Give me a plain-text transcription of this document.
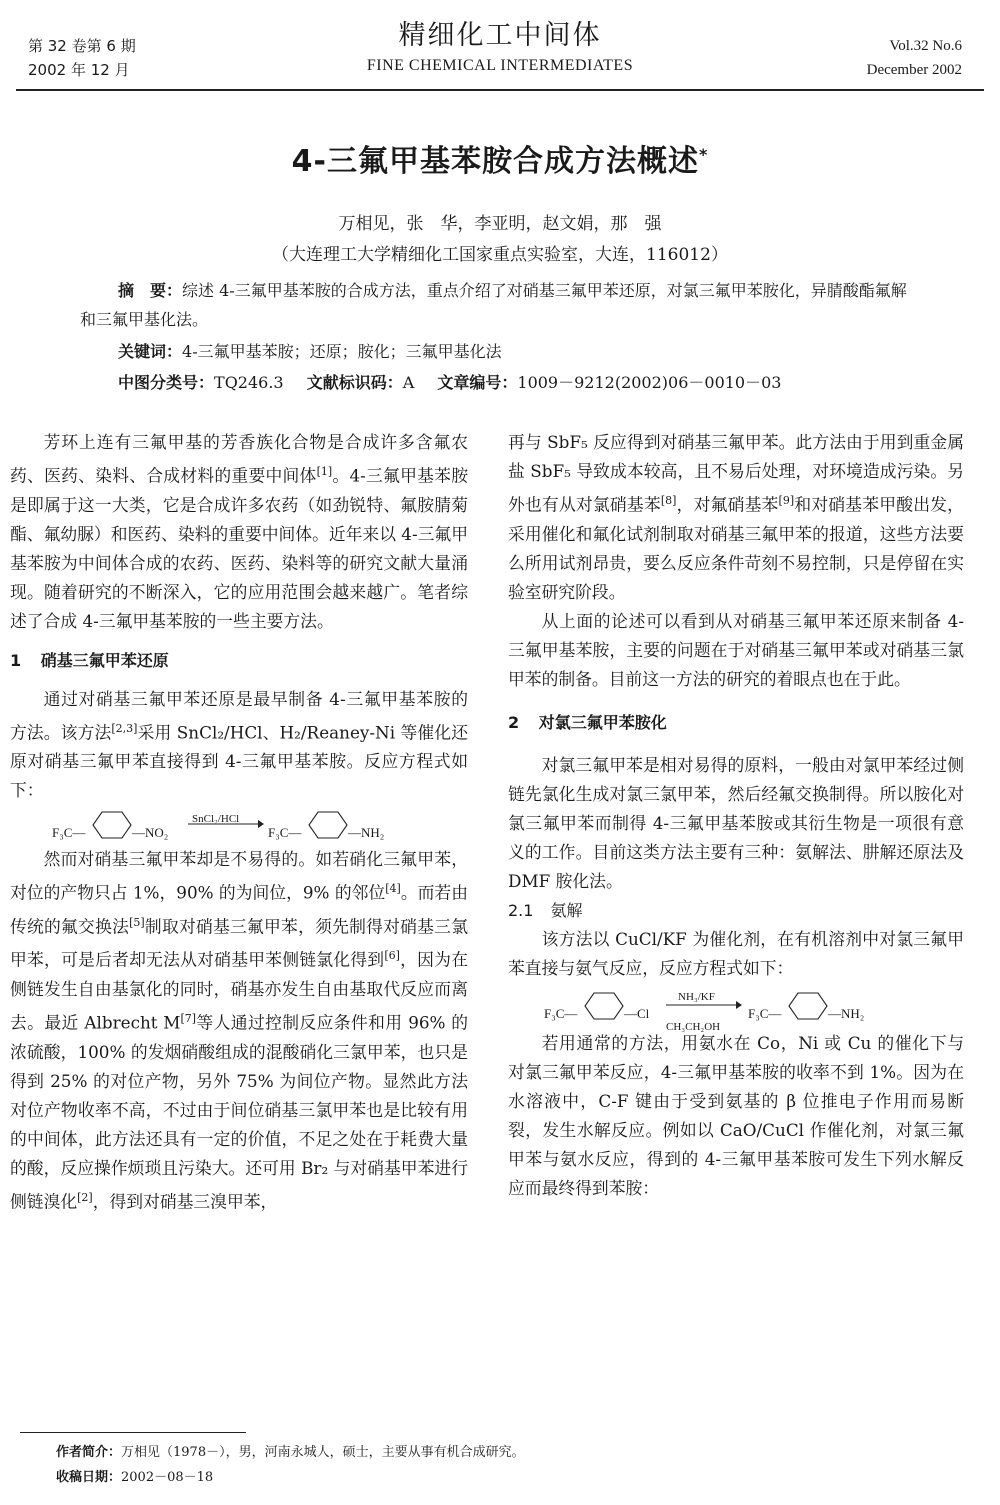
第 32 卷第 6 期
2002 年 12 月
精细化工中间体
FINE CHEMICAL INTERMEDIATES
Vol.32 No.6
December 2002
4-三氟甲基苯胺合成方法概述*
万相见，张　华，李亚明，赵文娟，那　强
（大连理工大学精细化工国家重点实验室，大连，116012）

摘　要：综述 4-三氟甲基苯胺的合成方法，重点介绍了对硝基三氟甲苯还原，对氯三氟甲苯胺化，异腈酸酯氟解和三氟甲基化法。

关键词：4-三氟甲基苯胺；还原；胺化；三氟甲基化法
中图分类号：TQ246.3 文献标识码：A 文章编号：1009－9212(2002)06－0010－03

芳环上连有三氟甲基的芳香族化合物是合成许多含氟农药、医药、染料、合成材料的重要中间体[1]。4-三氟甲基苯胺是即属于这一大类，它是合成许多农药（如劲锐特、氟胺腈菊酯、氟幼脲）和医药、染料的重要中间体。近年来以 4-三氟甲基苯胺为中间体合成的农药、医药、染料等的研究文献大量涌现。随着研究的不断深入，它的应用范围会越来越广。笔者综述了合成 4-三氟甲基苯胺的一些主要方法。

1 硝基三氟甲苯还原

通过对硝基三氟甲苯还原是最早制备 4-三氟甲基苯胺的方法。该方法[2,3]采用 SnCl₂/HCl、H₂/Reaney-Ni 等催化还原对硝基三氟甲苯直接得到 4-三氟甲基苯胺。反应方程式如下：

F₃C—	—NO₂
SnCl₂/HCl
F₃C—	—NH₂

然而对硝基三氟甲苯却是不易得的。如若硝化三氟甲苯，对位的产物只占 1%，90% 的为间位，9% 的邻位[4]。而若由传统的氟交换法[5]制取对硝基三氟甲苯，须先制得对硝基三氯甲苯，可是后者却无法从对硝基甲苯侧链氯化得到[6]，因为在侧链发生自由基氯化的同时，硝基亦发生自由基取代反应而离去。最近 Albrecht M[7]等人通过控制反应条件和用 96% 的浓硫酸，100% 的发烟硝酸组成的混酸硝化三氯甲苯，也只是得到 25% 的对位产物，另外 75% 为间位产物。显然此方法对位产物收率不高，不过由于间位硝基三氯甲苯也是比较有用的中间体，此方法还具有一定的价值，不足之处在于耗费大量的酸，反应操作烦琐且污染大。还可用 Br₂ 与对硝基甲苯进行侧链溴化[2]，得到对硝基三溴甲苯，

再与 SbF₅ 反应得到对硝基三氟甲苯。此方法由于用到重金属盐 SbF₅ 导致成本较高，且不易后处理，对环境造成污染。另外也有从对氯硝基苯[8]，对氟硝基苯[9]和对硝基苯甲酸出发，采用催化和氟化试剂制取对硝基三氟甲苯的报道，这些方法要么所用试剂昂贵，要么反应条件苛刻不易控制，只是停留在实验室研究阶段。

从上面的论述可以看到从对硝基三氟甲苯还原来制备 4-三氟甲基苯胺，主要的问题在于对硝基三氟甲苯或对硝基三氯甲苯的制备。目前这一方法的研究的着眼点也在于此。

2 对氯三氟甲苯胺化

对氯三氟甲苯是相对易得的原料，一般由对氯甲苯经过侧链先氯化生成对氯三氯甲苯，然后经氟交换制得。所以胺化对氯三氟甲苯而制得 4-三氟甲基苯胺或其衍生物是一项很有意义的工作。目前这类方法主要有三种：氨解法、肼解还原法及 DMF 胺化法。

2.1 氨解

该方法以 CuCl/KF 为催化剂，在有机溶剂中对氯三氟甲苯直接与氨气反应，反应方程式如下：

F₃C—	—Cl
NH₃/KF
CH₃CH₂OH
F₃C—	—NH₂

若用通常的方法，用氨水在 Co，Ni 或 Cu 的催化下与对氯三氟甲苯反应，4-三氟甲基苯胺的收率不到 1%。因为在水溶液中，C-F 键由于受到氨基的 β 位推电子作用而易断裂，发生水解反应。例如以 CaO/CuCl 作催化剂，对氯三氟甲苯与氨水反应，得到的 4-三氟甲基苯胺可发生下列水解反应而最终得到苯胺：

作者简介：万相见（1978－），男，河南永城人，硕士，主要从事有机合成研究。
收稿日期：2002－08－18
